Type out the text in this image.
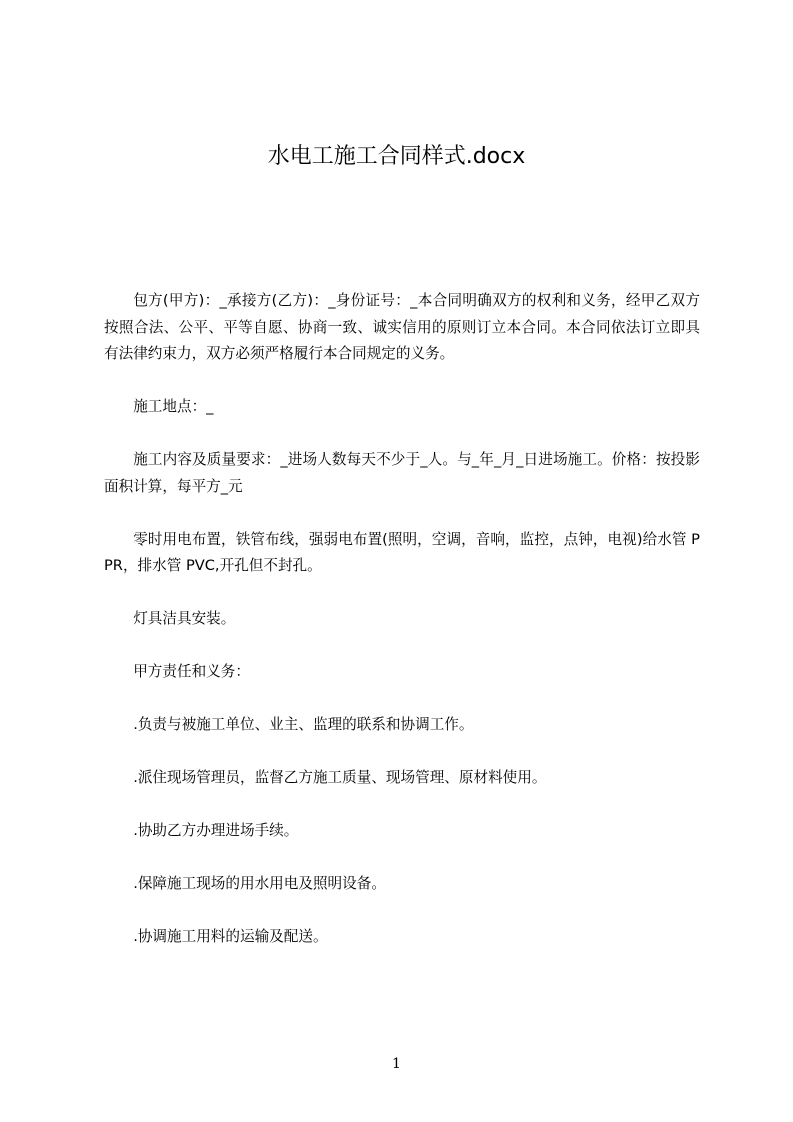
水电工施工合同样式.docx

包方(甲方)：_承接方(乙方)：_身份证号：_本合同明确双方的权利和义务，经甲乙双方按照合法、公平、平等自愿、协商一致、诚实信用的原则订立本合同。本合同依法订立即具有法律约束力，双方必须严格履行本合同规定的义务。

施工地点：_

施工内容及质量要求：_进场人数每天不少于_人。与_年_月_日进场施工。价格：按投影面积计算，每平方_元

零时用电布置，铁管布线，强弱电布置(照明，空调，音响，监控，点钟，电视)给水管 PPR，排水管 PVC,开孔但不封孔。

灯具洁具安装。

甲方责任和义务：

.负责与被施工单位、业主、监理的联系和协调工作。

.派住现场管理员，监督乙方施工质量、现场管理、原材料使用。

.协助乙方办理进场手续。

.保障施工现场的用水用电及照明设备。

.协调施工用料的运输及配送。

1
